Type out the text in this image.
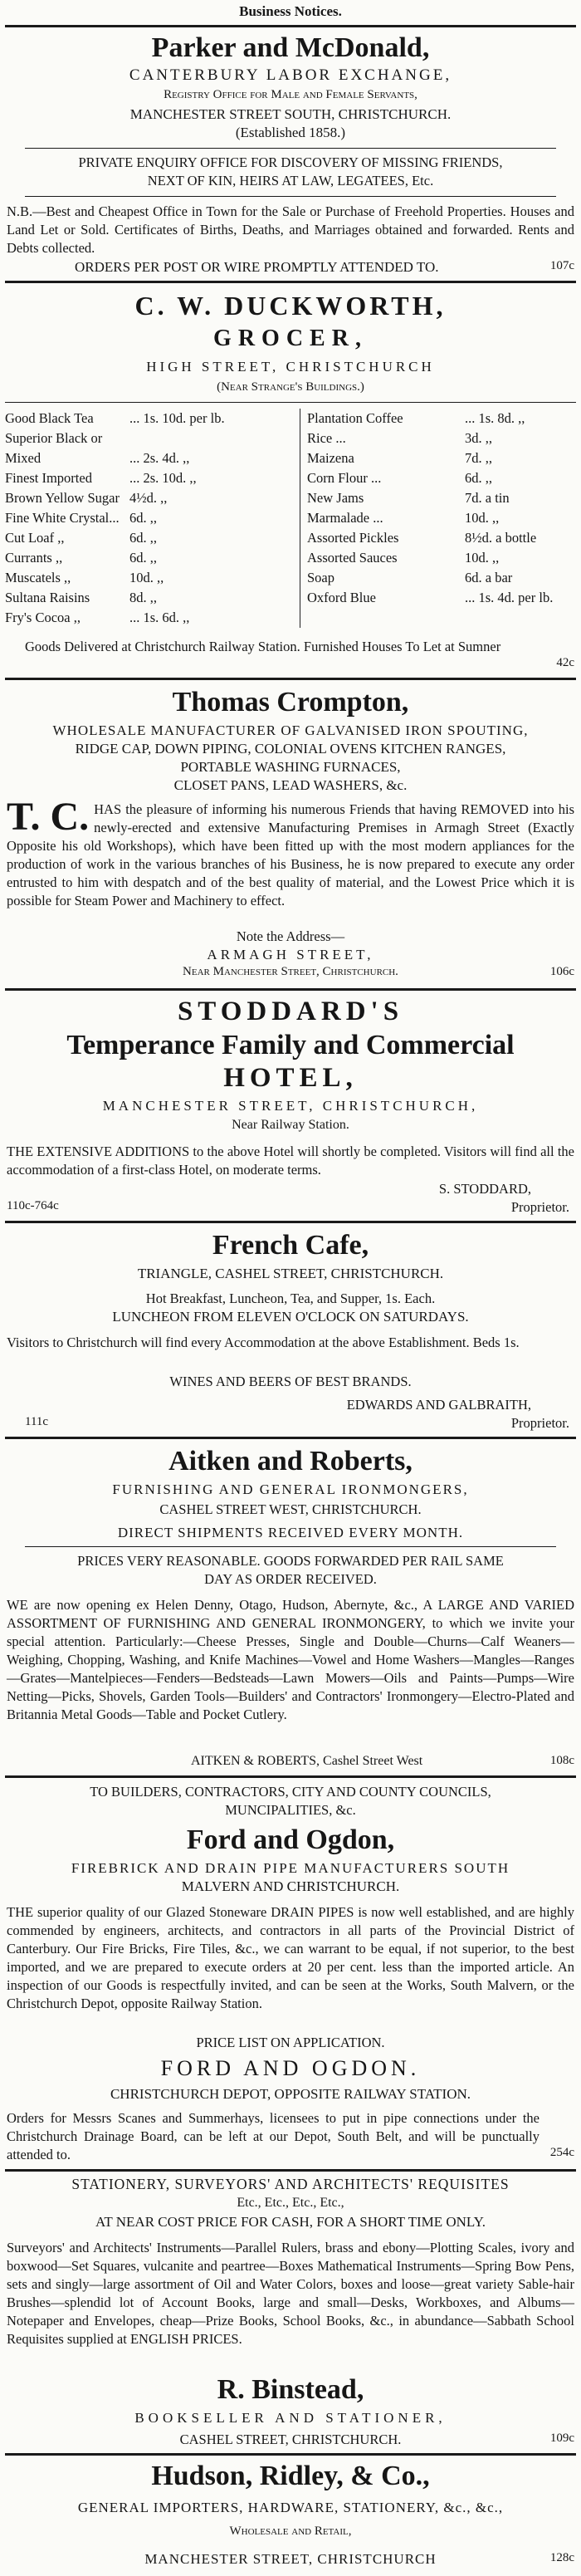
Business Notices.
Parker and McDonald,
CANTERBURY LABOR EXCHANGE,
Registry Office for Male and Female Servants,
MANCHESTER STREET SOUTH, CHRISTCHURCH.
(Established 1858.)
PRIVATE ENQUIRY OFFICE FOR DISCOVERY OF MISSING FRIENDS,
NEXT OF KIN, HEIRS AT LAW, LEGATEES, Etc.
N.B.—Best and Cheapest Office in Town for the Sale or Purchase of Freehold Properties. Houses and Land Let or Sold. Certificates of Births, Deaths, and Marriages obtained and forwarded. Rents and Debts collected.
ORDERS PER POST OR WIRE PROMPTLY ATTENDED TO.	107c
C. W. DUCKWORTH,
GROCER,
HIGH STREET, CHRISTCHURCH
(Near Strange's Buildings.)
Good Black Tea	... 1s. 10d. per lb.
Superior Black or
Mixed	... 2s. 4d. ,,
Finest Imported	... 2s. 10d. ,,
Brown Yellow Sugar 4½d. ,,
Fine White Crystal... 6d. ,,
Cut Loaf ,,	6d. ,,
Currants ,,	6d. ,,
Muscatels ,,	10d. ,,
Sultana Raisins	8d. ,,
Fry's Cocoa ,,	... 1s. 6d. ,,
Plantation Coffee	... 1s. 8d. ,,
Rice ...	3d. ,,
Maizena	7d. ,,
Corn Flour ...	6d. ,,
New Jams	7d. a tin
Marmalade ...	10d. ,,
Assorted Pickles	8½d. a bottle
Assorted Sauces	10d. ,,
Soap	6d. a bar
Oxford Blue	... 1s. 4d. per lb.
Goods Delivered at Christchurch Railway Station. Furnished Houses To Let at Sumner
42c
Thomas Crompton,
WHOLESALE MANUFACTURER OF GALVANISED IRON SPOUTING,
RIDGE CAP, DOWN PIPING, COLONIAL OVENS KITCHEN RANGES,
PORTABLE WASHING FURNACES,
CLOSET PANS, LEAD WASHERS, &c.
T. C. HAS the pleasure of informing his numerous Friends that having REMOVED into his newly-erected and extensive Manufacturing Premises in Armagh Street (Exactly Opposite his old Workshops), which have been fitted up with the most modern appliances for the production of work in the various branches of his Business, he is now prepared to execute any order entrusted to him with despatch and of the best quality of material, and the Lowest Price which it is possible for Steam Power and Machinery to effect.
Note the Address—
ARMAGH STREET,
Near Manchester Street, Christchurch.	106c
STODDARD'S
Temperance Family and Commercial
HOTEL,
MANCHESTER STREET, CHRISTCHURCH,
Near Railway Station.
THE EXTENSIVE ADDITIONS to the above Hotel will shortly be completed. Visitors will find all the accommodation of a first-class Hotel, on moderate terms.
S. STODDARD,
110c-764c	Proprietor.
French Cafe,
TRIANGLE, CASHEL STREET, CHRISTCHURCH.
Hot Breakfast, Luncheon, Tea, and Supper, 1s. Each.
LUNCHEON FROM ELEVEN O'CLOCK ON SATURDAYS.
Visitors to Christchurch will find every Accommodation at the above Establishment. Beds 1s.
WINES AND BEERS OF BEST BRANDS.
EDWARDS AND GALBRAITH,
111c	Proprietor.
Aitken and Roberts,
FURNISHING AND GENERAL IRONMONGERS,
CASHEL STREET WEST, CHRISTCHURCH.
DIRECT SHIPMENTS RECEIVED EVERY MONTH.
PRICES VERY REASONABLE. GOODS FORWARDED PER RAIL SAME
DAY AS ORDER RECEIVED.
WE are now opening ex Helen Denny, Otago, Hudson, Abernyte, &c., A LARGE AND VARIED ASSORTMENT OF FURNISHING AND GENERAL IRONMONGERY, to which we invite your special attention. Particularly:—Cheese Presses, Single and Double—Churns—Calf Weaners—Weighing, Chopping, Washing, and Knife Machines—Vowel and Home Washers—Mangles—Ranges—Grates—Mantelpieces—Fenders—Bedsteads—Lawn Mowers—Oils and Paints—Pumps—Wire Netting—Picks, Shovels, Garden Tools—Builders' and Contractors' Ironmongery—Electro-Plated and Britannia Metal Goods—Table and Pocket Cutlery.
AITKEN & ROBERTS, Cashel Street West	108c
TO BUILDERS, CONTRACTORS, CITY AND COUNTY COUNCILS,
MUNCIPALITIES, &c.
Ford and Ogdon,
FIREBRICK AND DRAIN PIPE MANUFACTURERS SOUTH
MALVERN AND CHRISTCHURCH.
THE superior quality of our Glazed Stoneware DRAIN PIPES is now well established, and are highly commended by engineers, architects, and contractors in all parts of the Provincial District of Canterbury. Our Fire Bricks, Fire Tiles, &c., we can warrant to be equal, if not superior, to the best imported, and we are prepared to execute orders at 20 per cent. less than the imported article. An inspection of our Goods is respectfully invited, and can be seen at the Works, South Malvern, or the Christchurch Depot, opposite Railway Station.
PRICE LIST ON APPLICATION.
FORD AND OGDON.
CHRISTCHURCH DEPOT, OPPOSITE RAILWAY STATION.
Orders for Messrs Scanes and Summerhays, licensees to put in pipe connections under the Christchurch Drainage Board, can be left at our Depot, South Belt, and will be punctually attended to.	254c
STATIONERY, SURVEYORS' AND ARCHITECTS' REQUISITES
Etc., Etc., Etc., Etc.,
AT NEAR COST PRICE FOR CASH, FOR A SHORT TIME ONLY.
Surveyors' and Architects' Instruments—Parallel Rulers, brass and ebony—Plotting Scales, ivory and boxwood—Set Squares, vulcanite and peartree—Boxes Mathematical Instruments—Spring Bow Pens, sets and singly—large assortment of Oil and Water Colors, boxes and loose—great variety Sable-hair Brushes—splendid lot of Account Books, large and small—Desks, Workboxes, and Albums—Notepaper and Envelopes, cheap—Prize Books, School Books, &c., in abundance—Sabbath School Requisites supplied at ENGLISH PRICES.
R. Binstead,
BOOKSELLER AND STATIONER,
CASHEL STREET, CHRISTCHURCH.	109c
Hudson, Ridley, & Co.,
GENERAL IMPORTERS, HARDWARE, STATIONERY, &c., &c.,
Wholesale and Retail,
MANCHESTER STREET, CHRISTCHURCH	128c
